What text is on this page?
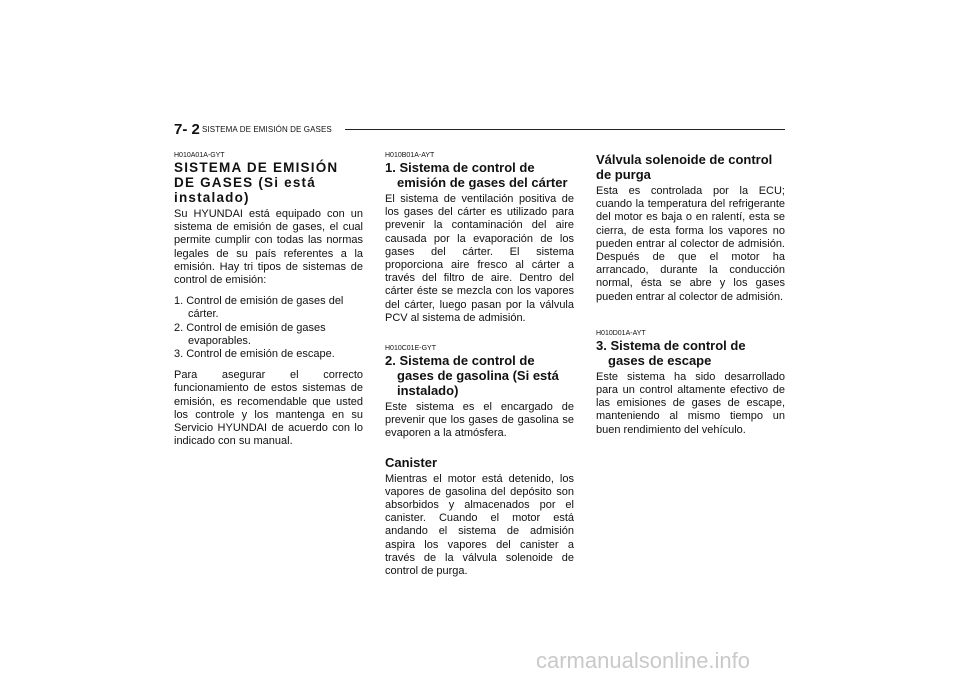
7- 2 SISTEMA DE EMISIÓN DE GASES
H010A01A-GYT
SISTEMA DE EMISIÓN DE GASES (Si está instalado)

Su HYUNDAI está equipado con un sistema de emisión de gases, el cual permite cumplir con todas las normas legales de su país referentes a la emisión. Hay tri tipos de sistemas de control de emisión:

1. Control de emisión de gases del cárter.
2. Control de emisión de gases evaporables.
3. Control de emisión de escape.

Para asegurar el correcto funcionamiento de estos sistemas de emisión, es recomendable que usted los controle y los mantenga en su Servicio HYUNDAI de acuerdo con lo indicado con su manual.

H010B01A-AYT
1. Sistema de control de emisión de gases del cárter

El sistema de ventilación positiva de los gases del cárter es utilizado para prevenir la contaminación del aire causada por la evaporación de los gases del cárter. El sistema proporciona aire fresco al cárter a través del filtro de aire. Dentro del cárter éste se mezcla con los vapores del cárter, luego pasan por la válvula PCV al sistema de admisión.

H010C01E-GYT
2. Sistema de control de gases de gasolina (Si está instalado)

Este sistema es el encargado de prevenir que los gases de gasolina se evaporen a la atmósfera.

Canister

Mientras el motor está detenido, los vapores de gasolina del depósito son absorbidos y almacenados por el canister. Cuando el motor está andando el sistema de admisión aspira los vapores del canister a través de la válvula solenoide de control de purga.

Válvula solenoide de control de purga

Esta es controlada por la ECU; cuando la temperatura del refrigerante del motor es baja o en ralentí, esta se cierra, de esta forma los vapores no pueden entrar al colector de admisión. Después de que el motor ha arrancado, durante la conducción normal, ésta se abre y los gases pueden entrar al colector de admisión.

H010D01A-AYT
3. Sistema de control de gases de escape

Este sistema ha sido desarrollado para un control altamente efectivo de las emisiones de gases de escape, manteniendo al mismo tiempo un buen rendimiento del vehículo.

carmanualsonline.info
